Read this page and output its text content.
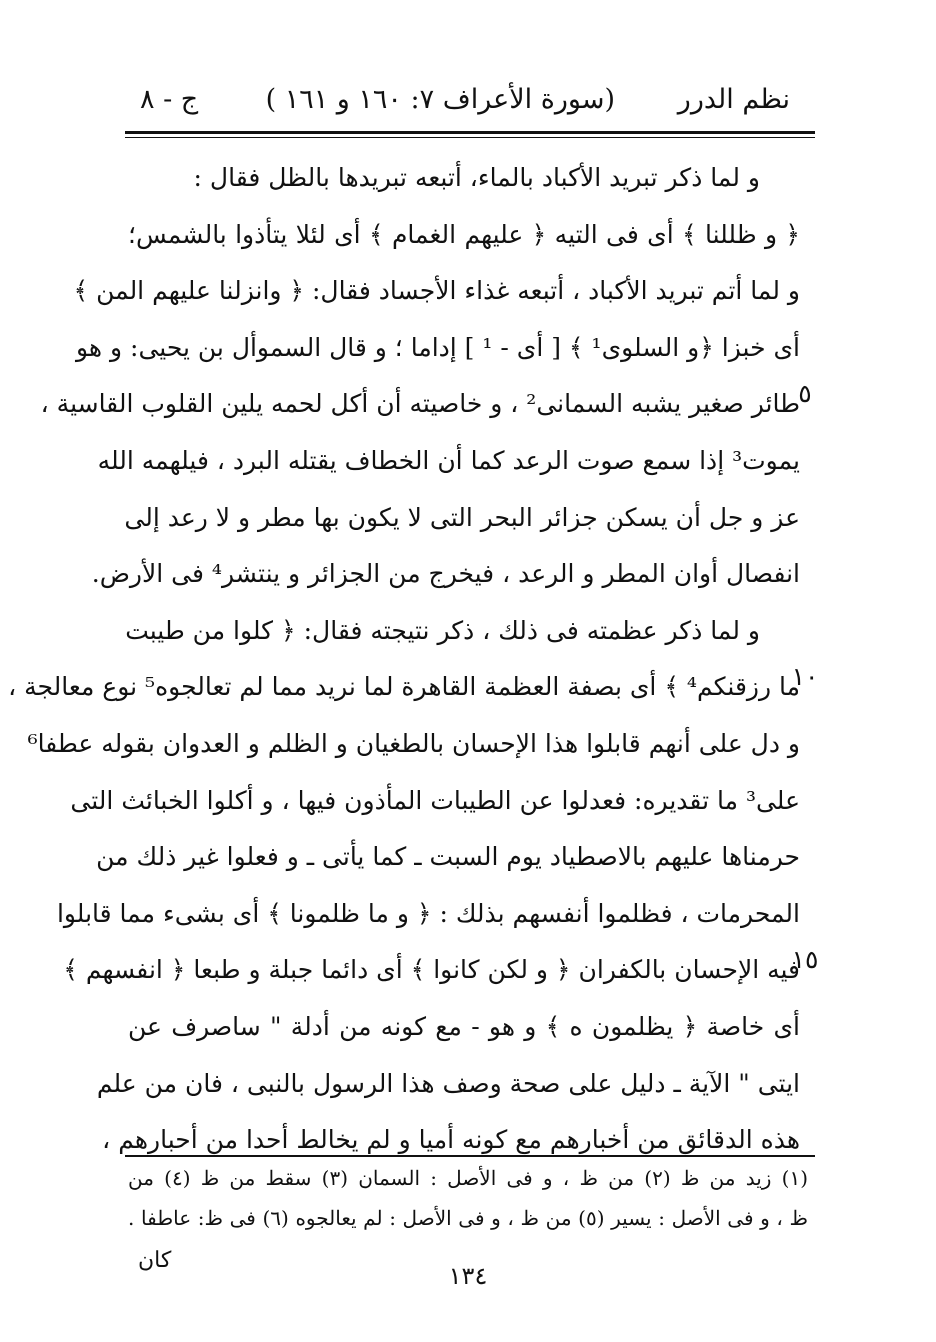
نظم الدرر
(سورة الأعراف ٧: ١٦٠ و ١٦١ )
ج - ٨
و لما ذكر تبريد الأكباد بالماء، أتبعه تبريدها بالظل فقال :
﴿ و ظللنا ﴾ أى فى التيه ﴿ عليهم الغمام ﴾ أى لئلا يتأذوا بالشمس؛
و لما أتم تبريد الأكباد ، أتبعه غذاء الأجساد فقال: ﴿ وانزلنا عليهم المن ﴾
أى خبزا ﴿و السلوى¹ ﴾ [ أى - ¹ ] إداما ؛ و قال السموأل بن يحيى: و هو
طائر صغير يشبه السمانى² ، و خاصيته أن أكل لحمه يلين القلوب القاسية ،
يموت³ إذا سمع صوت الرعد كما أن الخطاف يقتله البرد ، فيلهمه الله
عز و جل أن يسكن جزائر البحر التى لا يكون بها مطر و لا رعد إلى
انفصال أوان المطر و الرعد ، فيخرج من الجزائر و ينتشر⁴ فى الأرض.
و لما ذكر عظمته فى ذلك ، ذكر نتيجته فقال: ﴿ كلوا من طيبت
ما رزقنكم⁴ ﴾ أى بصفة العظمة القاهرة لما نريد مما لم تعالجوه⁵ نوع معالجة ،
و دل على أنهم قابلوا هذا الإحسان بالطغيان و الظلم و العدوان بقوله عطفا⁶
على³ ما تقديره: فعدلوا عن الطيبات المأذون فيها ، و أكلوا الخبائث التى
حرمناها عليهم بالاصطياد يوم السبت ـ كما يأتى ـ و فعلوا غير ذلك من
المحرمات ، فظلموا أنفسهم بذلك : ﴿ و ما ظلمونا ﴾ أى بشىء مما قابلوا
فيه الإحسان بالكفران ﴿ و لكن كانوا ﴾ أى دائما جبلة و طبعا ﴿ انفسهم ﴾
أى خاصة ﴿ يظلمون ه ﴾ و هو - مع كونه من أدلة " ساصرف عن
ايتى " الآية ـ دليل على صحة وصف هذا الرسول بالنبى ، فان من علم
هذه الدقائق من أخبارهم مع كونه أميا و لم يخالط أحدا من أحبارهم ،
٥
١٠
١٥
(١) زيد من ظ (٢) من ظ ، و فى الأصل : السمان (٣) سقط من ظ (٤) من
ظ ، و فى الأصل : يسير (٥) من ظ ، و فى الأصل : لم يعالجوه (٦) فى ظ: عاطفا .
كان
١٣٤
